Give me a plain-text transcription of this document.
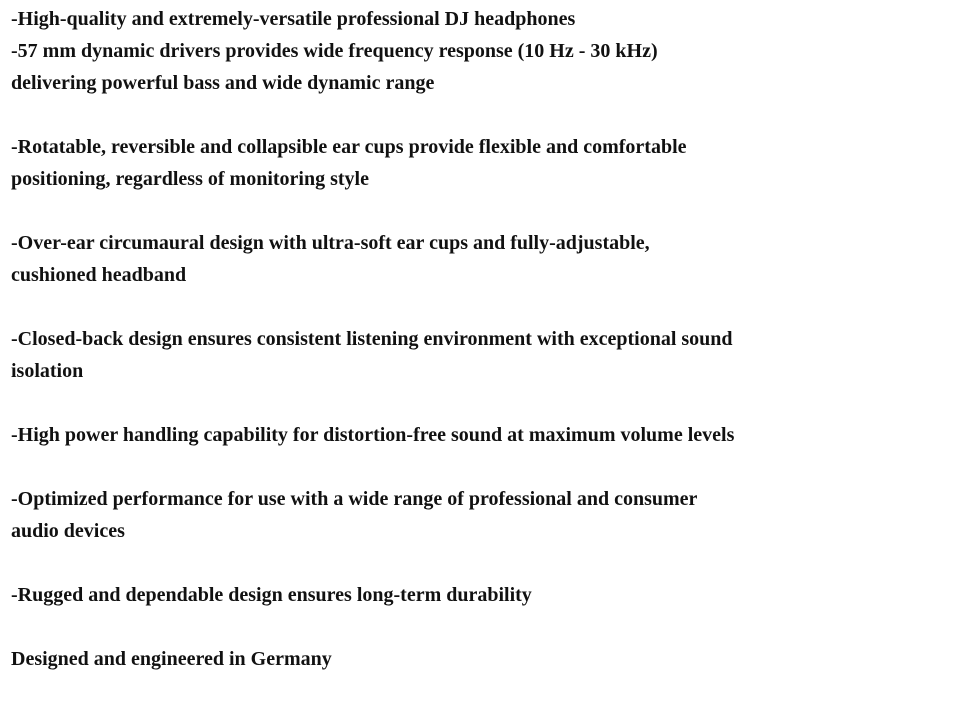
-High-quality and extremely-versatile professional DJ headphones
-57 mm dynamic drivers provides wide frequency response (10 Hz - 30 kHz)
delivering powerful bass and wide dynamic range
-Rotatable, reversible and collapsible ear cups provide flexible and comfortable
positioning, regardless of monitoring style
-Over-ear circumaural design with ultra-soft ear cups and fully-adjustable,
cushioned headband
-Closed-back design ensures consistent listening environment with exceptional sound
isolation
-High power handling capability for distortion-free sound at maximum volume levels
-Optimized performance for use with a wide range of professional and consumer
audio devices
-Rugged and dependable design ensures long-term durability
Designed and engineered in Germany
